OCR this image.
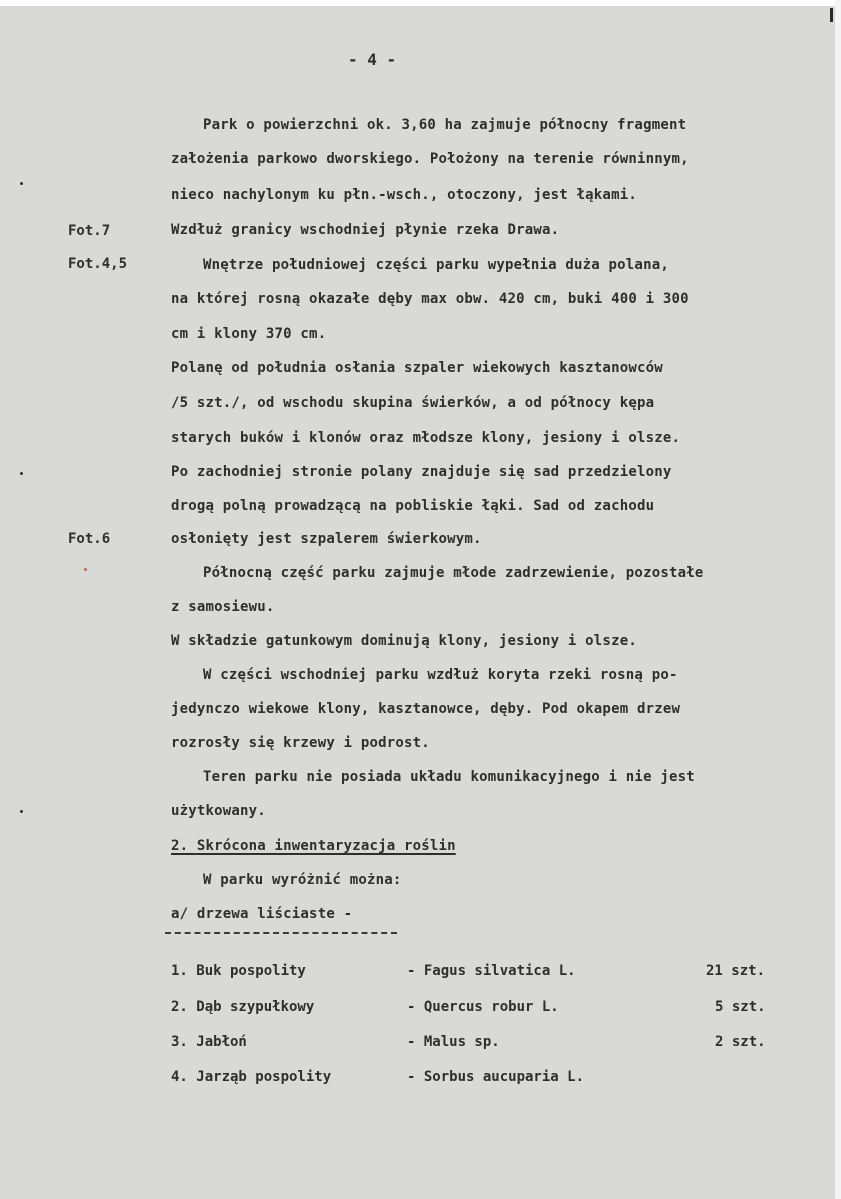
- 4 -
Fot.7
Fot.4,5
Fot.6
Park o powierzchni ok. 3,60 ha zajmuje północny fragment
założenia parkowo dworskiego. Położony na terenie równinnym,
nieco nachylonym ku płn.-wsch., otoczony, jest łąkami.
Wzdłuż granicy wschodniej płynie rzeka Drawa.
Wnętrze południowej części parku wypełnia duża polana,
na której rosną okazałe dęby max obw. 420 cm, buki 400 i 300
cm i klony 370 cm.
Polanę od południa osłania szpaler wiekowych kasztanowców
/5 szt./, od wschodu skupina świerków, a od północy kępa
starych buków i klonów oraz młodsze klony, jesiony i olsze.
Po zachodniej stronie polany znajduje się sad przedzielony
drogą polną prowadzącą na pobliskie łąki. Sad od zachodu
osłonięty jest szpalerem świerkowym.
Północną część parku zajmuje młode zadrzewienie, pozostałe
z samosiewu.
W składzie gatunkowym dominują klony, jesiony i olsze.
W części wschodniej parku wzdłuż koryta rzeki rosną po-
jedynczo wiekowe klony, kasztanowce, dęby. Pod okapem drzew
rozrosły się krzewy i podrost.
Teren parku nie posiada układu komunikacyjnego i nie jest
użytkowany.
2. Skrócona inwentaryzacja roślin
W parku wyróżnić można:
a/ drzewa liściaste -
1. Buk pospolity	- Fagus silvatica L.	21 szt.
2. Dąb szypułkowy	- Quercus robur L.	5 szt.
3. Jabłoń	- Malus sp.	2 szt.
4. Jarząb pospolity	- Sorbus aucuparia L.
